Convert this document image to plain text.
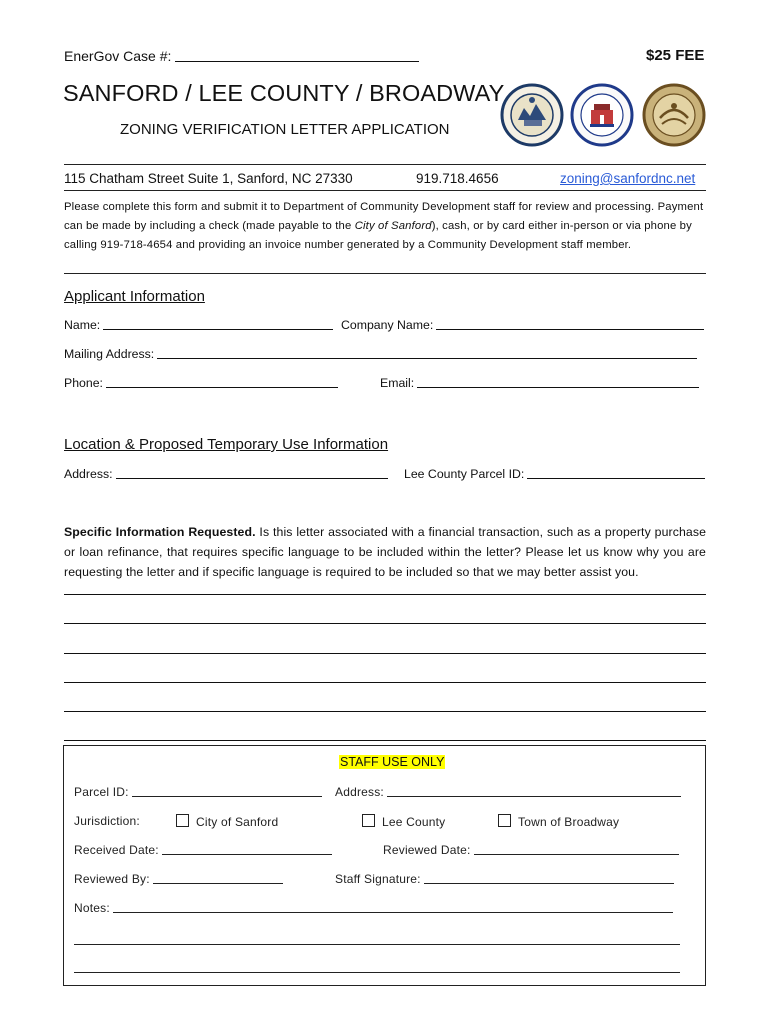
EnerGov Case #:	$25 FEE
SANFORD / LEE COUNTY / BROADWAY
ZONING VERIFICATION LETTER APPLICATION
115 Chatham Street Suite 1, Sanford, NC 27330	919.718.4656	zoning@sanfordnc.net
Please complete this form and submit it to Department of Community Development staff for review and processing. Payment can be made by including a check (made payable to the City of Sanford), cash, or by card either in-person or via phone by calling 919-718-4654 and providing an invoice number generated by a Community Development staff member.
Applicant Information
Name:	Company Name:
Mailing Address:
Phone:	Email:
Location & Proposed Temporary Use Information
Address:	Lee County Parcel ID:
Specific Information Requested. Is this letter associated with a financial transaction, such as a property purchase or loan refinance, that requires specific language to be included within the letter? Please let us know why you are requesting the letter and if specific language is required to be included so that we may better assist you.
STAFF USE ONLY
Parcel ID:	Address:
Jurisdiction:	City of Sanford	Lee County	Town of Broadway
Received Date:	Reviewed Date:
Reviewed By:	Staff Signature:
Notes:
